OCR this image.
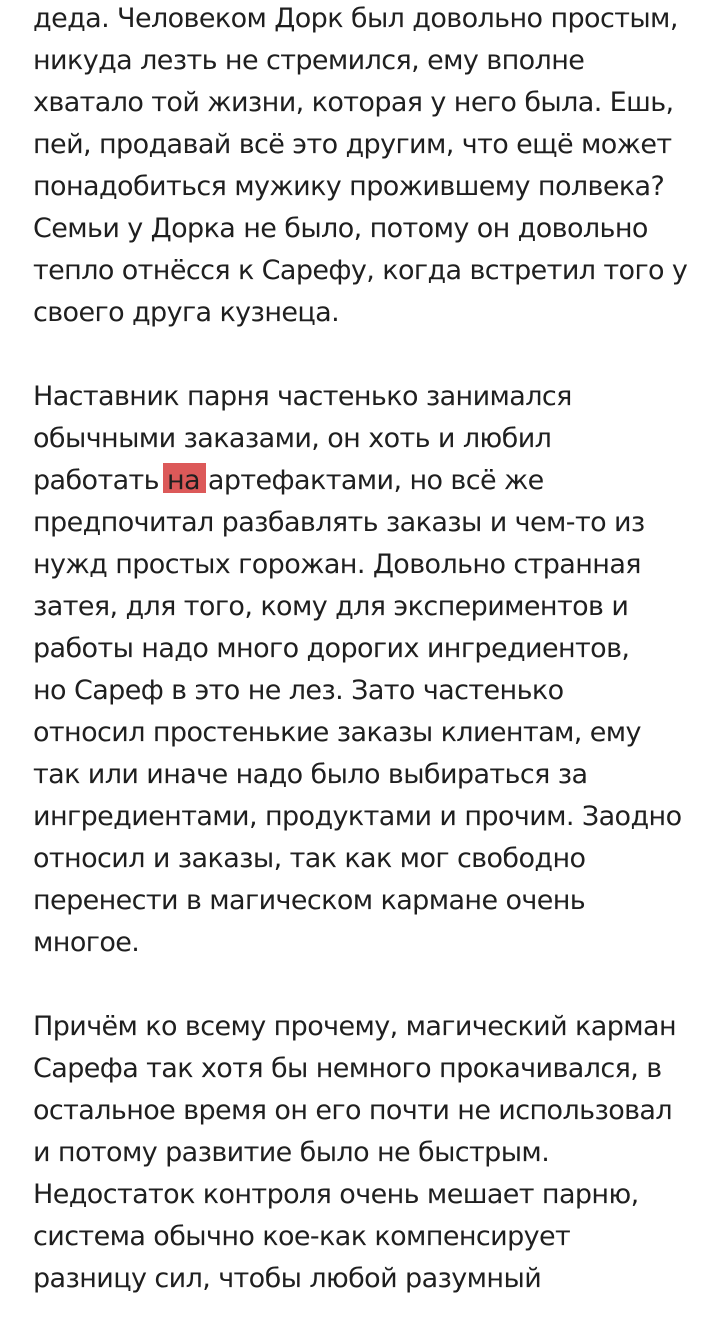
деда. Человеком Дорк был довольно простым,
никуда лезть не стремился, ему вполне
хватало той жизни, которая у него была. Ешь,
пей, продавай всё это другим, что ещё может
понадобиться мужику прожившему полвека?
Семьи у Дорка не было, потому он довольно
тепло отнёсся к Сарефу, когда встретил того у
своего друга кузнеца.
Наставник парня частенько занимался
обычными заказами, он хоть и любил
работать на артефактами, но всё же
предпочитал разбавлять заказы и чем-то из
нужд простых горожан. Довольно странная
затея, для того, кому для экспериментов и
работы надо много дорогих ингредиентов,
но Сареф в это не лез. Зато частенько
относил простенькие заказы клиентам, ему
так или иначе надо было выбираться за
ингредиентами, продуктами и прочим. Заодно
относил и заказы, так как мог свободно
перенести в магическом кармане очень
многое.
Причём ко всему прочему, магический карман
Сарефа так хотя бы немного прокачивался, в
остальное время он его почти не использовал
и потому развитие было не быстрым.
Недостаток контроля очень мешает парню,
система обычно кое-как компенсирует
разницу сил, чтобы любой разумный
